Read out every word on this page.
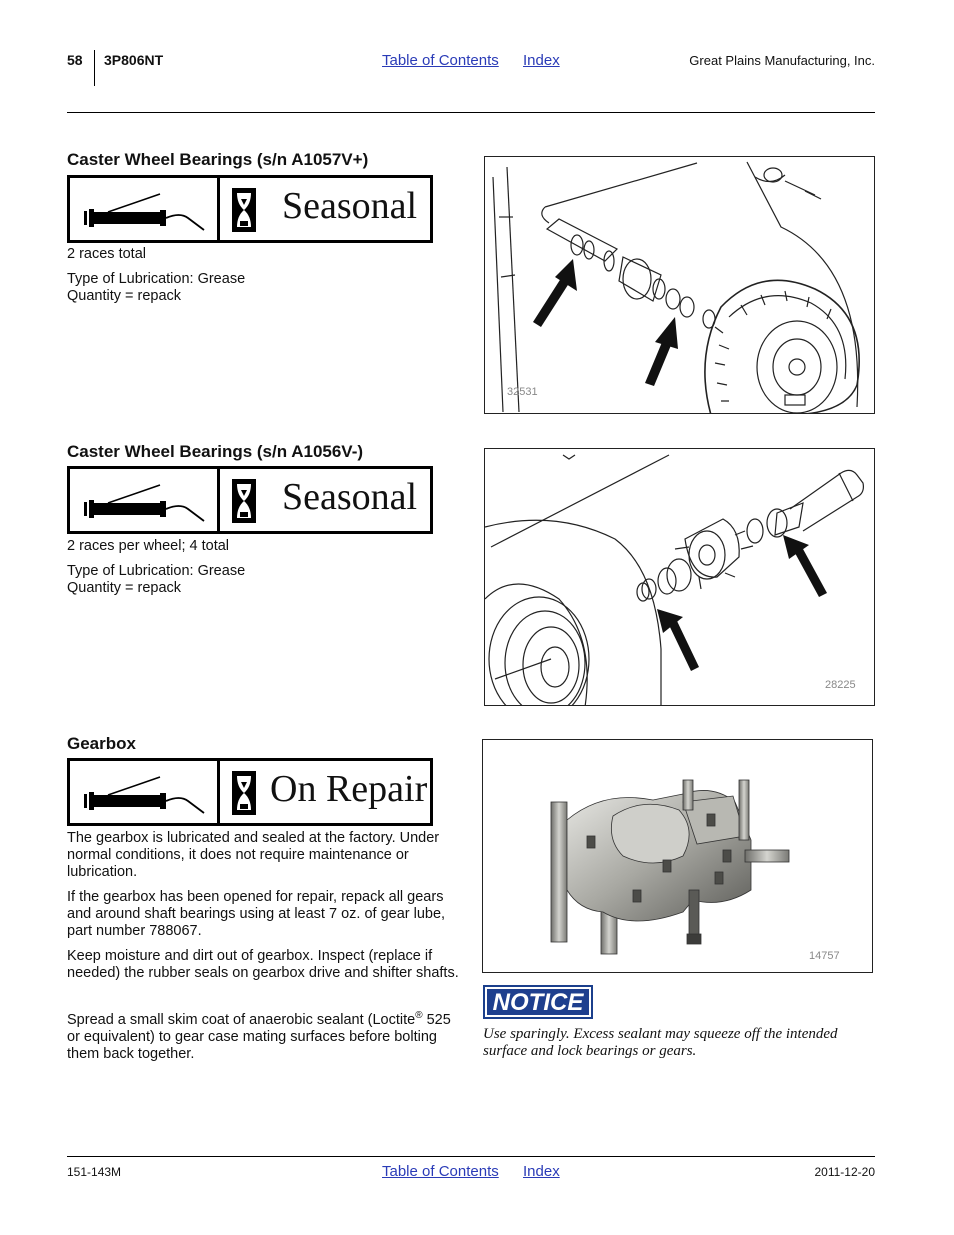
58 3P806NT	Table of Contents Index	Great Plains Manufacturing, Inc.
Caster Wheel Bearings (s/n A1057V+)
Seasonal

2 races total

Type of Lubrication: Grease

Quantity = repack

32531
Caster Wheel Bearings (s/n A1056V-)
Seasonal

2 races per wheel; 4 total

Type of Lubrication: Grease

Quantity = repack

28225
Gearbox
On Repair

The gearbox is lubricated and sealed at the factory. Under normal conditions, it does not require maintenance or lubrication.

If the gearbox has been opened for repair, repack all gears and around shaft bearings using at least 7 oz. of gear lube, part number 788067.

Keep moisture and dirt out of gearbox. Inspect (replace if needed) the rubber seals on gearbox drive and shifter shafts.

Spread a small skim coat of anaerobic sealant (Loctite® 525 or equivalent) to gear case mating surfaces before bolting them back together.

14757
NOTICE

Use sparingly. Excess sealant may squeeze off the intended surface and lock bearings or gears.

151-143M	Table of Contents Index	2011-12-20
